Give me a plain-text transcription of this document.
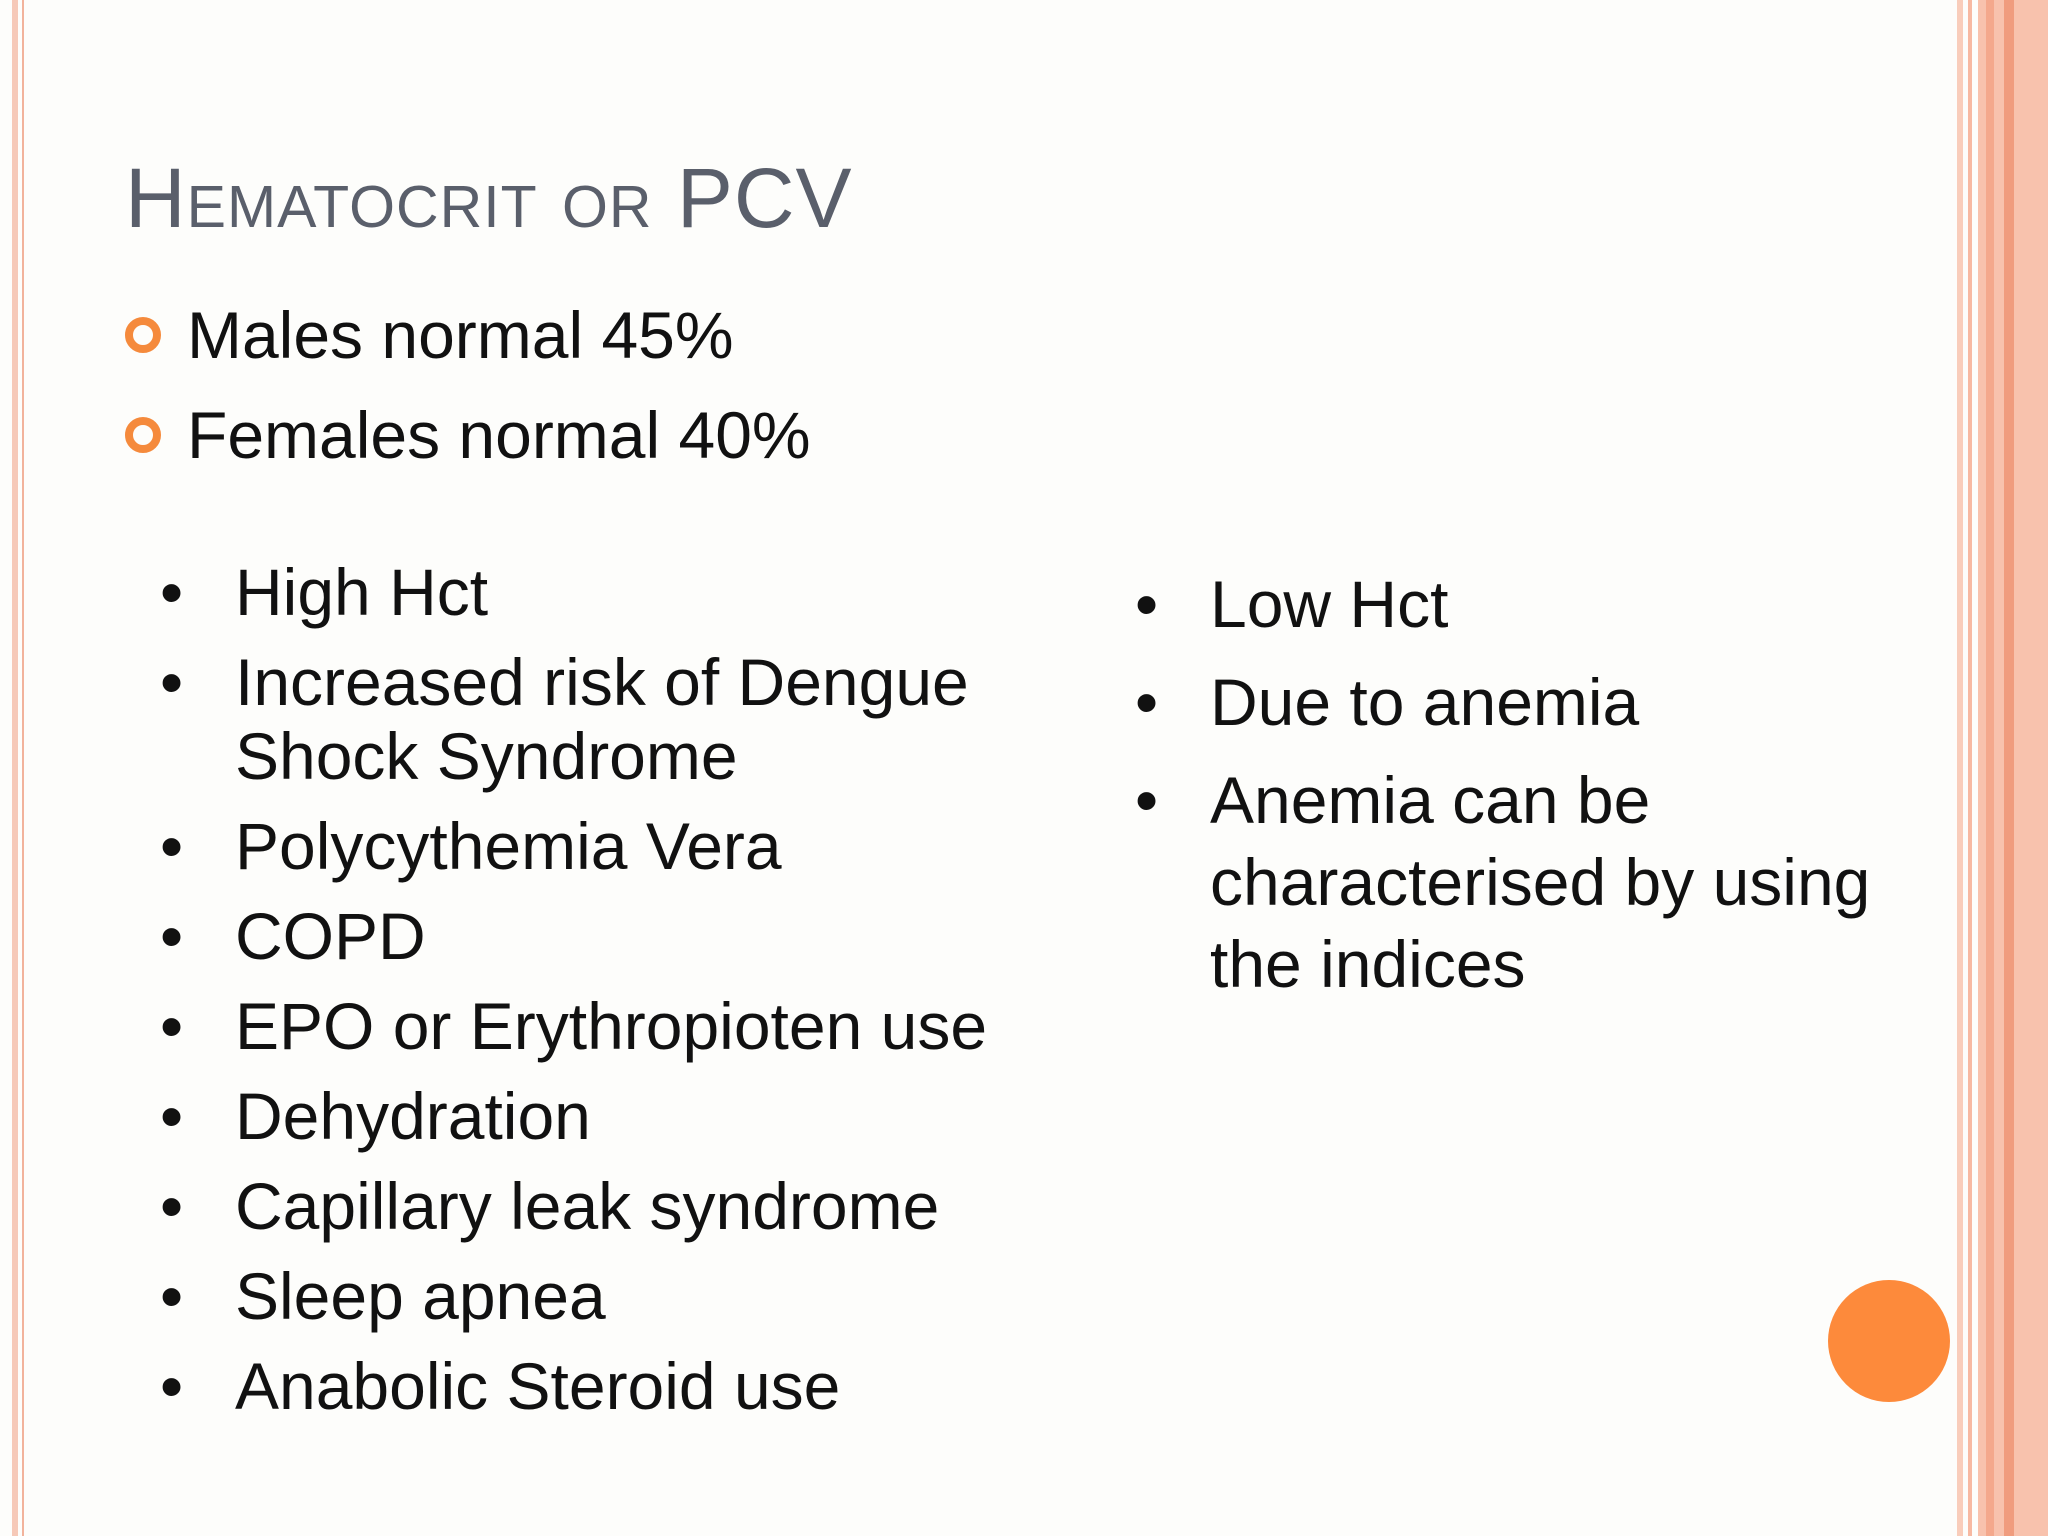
Hematocrit or PCV
Males normal 45%
Females normal 40%
• High Hct
• Increased risk of Dengue Shock Syndrome
• Polycythemia Vera
• COPD
• EPO or Erythropioten use
• Dehydration
• Capillary leak syndrome
• Sleep apnea
• Anabolic Steroid use
• Low Hct
• Due to anemia
• Anemia can be characterised by using the indices
